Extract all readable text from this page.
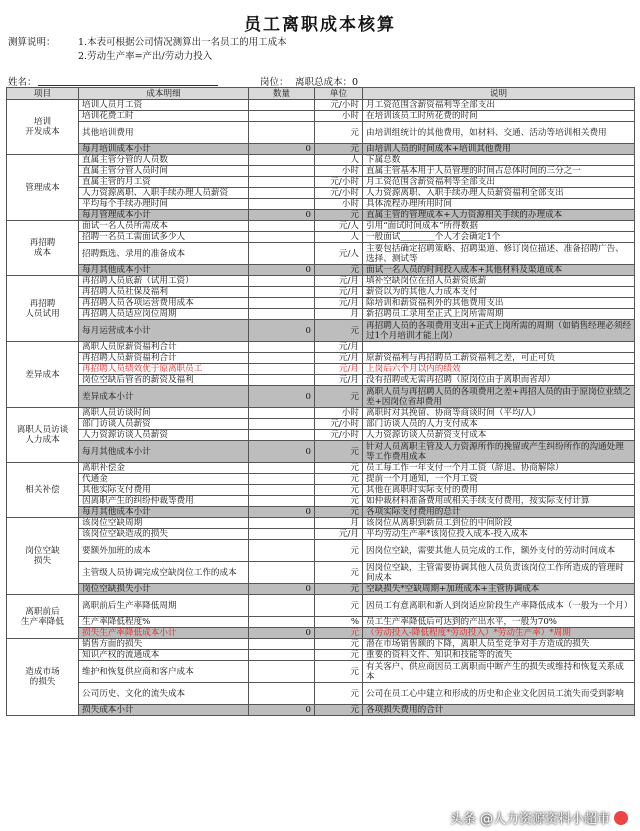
员工离职成本核算
测算说明： 1.本表可根据公司情况测算出一名员工的用工成本
2.劳动生产率=产出/劳动力投入
姓名：	岗位： 离职总成本：0
项目	成本明细	数量	单位	说明
培训
开发成本	培训人员月工资		元/小时	月工资范围含薪资福利等全部支出
	培训花费工时		小时	在培训该员工时所花费的时间
	其他培训费用		元	由培训组统计的其他费用，如材料、交通、活动等培训相关费用
	每月培训成本小计	0	元	由培训人员的时间成本+培训其他费用
管理成本	直属主管分管的人员数		人	下属总数
	直属主管分管人员时间		小时	直属主管基本用于人员管理的时间占总体时间的三分之一
	直属主管的月工资		元/小时	月工资范围含薪资福利等全部支出
	人力资源离职、入职手续办理人员薪资		元/小时	人力资源离职、入职手续办理人员薪资福利全部支出
	平均每个手续办理时间		小时	具体流程办理所用时间
	每月管理成本小计	0	元	直属主管的管理成本+人力资源相关手续的办理成本
再招聘
成本	面试一名人员所需成本		元/人	引用“面试时间成本”所得数据
	招聘一名员工需面试多少人		人	一般面试________个人才会确定1个
	招聘甄选、录用的准备成本		元/人	主要包括确定招聘策略、招聘渠道、修订岗位描述、准备招聘广告、选择、测试等
	每月其他成本小计	0	元	面试一名人员的时间投入成本+其他材料及渠道成本
再招聘
人员试用	再招聘人员底薪（试用工资）		元/月	填补空缺岗位在招人员薪资底薪
	再招聘人员社保及福利		元/月	薪资以为的其他人力成本支付
	再招聘人员各项运营费用成本		元/月	除培训和薪资福利外的其他费用支出
	再招聘人员适应岗位周期		月	新招聘员工录用至正式上岗所需周期
	每月运营成本小计	0	元	再招聘人员的各项费用支出+正式上岗所需的周期（如销售经理必须经过1个月培训才能上岗）
差异成本	离职人员原薪资福利合计		元/月	
	再招聘人员薪资福利合计		元/月	原薪资福利与再招聘员工薪资福利之差，可正可负
	再招聘人员绩效优于原离职员工		元/月	上岗后六个月以内的绩效
	岗位空缺后管省的薪资及福利		元/月	没有招聘或无需再招聘（原岗位由于离职而省却）
	差异成本小计	0	元	离职人员与再招聘人员的各项费用之差+再招人员的由于原岗位业绩之差+因岗位省却费用
离职人员访谈
人力成本	离职人员访谈时间		小时	离职时对其挽留、协商等商谈时间（平均/人）
	部门访谈人员薪资		元/小时	部门访谈人员的人力支付成本
	人力资源访谈人员薪资		元/小时	人力资源访谈人员薪资支付成本
	每月其他成本小计	0	元	针对人员离职主管及人力资源所作的挽留或产生纠纷所作的沟通处理等工作费用成本
相关补偿	离职补偿金		元	员工每工作一年支付一个月工资（辞退、协商解除）
	代通金		元	提前一个月通知，一个月工资
	其他实际支付费用		元	其他在离职时实际支付的费用
	因离职产生的纠纷仲裁等费用		元	如仲裁材料准备费用或相关手续支付费用，按实际支付计算
	每月其他成本小计	0	元	各项实际支付费用的总计
岗位空缺
损失	该岗位空缺周期		月	该岗位从离职到新员工到位的中间阶段
	该岗位空缺造成的损失		元/月	平均劳动生产率*该岗位投入成本-投入成本
	要额外加班的成本		元	因岗位空缺，需要其他人员完成的工作，额外支付的劳动时间成本
	主管级人员协调完成空缺岗位工作的成本		元	因岗位空缺，主管需要协调其他人员负责该岗位工作所造成的管理时间成本
	岗位空缺损失小计	0	元	空缺损失*空缺周期+加班成本+主管协调成本
离职前后
生产率降低	离职前后生产率降低周期		元	因员工有意离职和新人到岗适应阶段生产率降低成本（一般为一个月）
	生产率降低程度%		%	员工生产率降低后可达到的产出水平，一般为70%
	损失生产率降低成本小计	0	元	（劳动投入-降低程度*劳动投入）*劳动生产率）*周期
造成市场
的损失	销售方面的损失		元	潜在市场销售额的下降，离职人员至竞争对手方造成的损失
	知识产权的流通成本		元	重要的资料文件、知识和技能等的流失
	维护和恢复供应商和客户成本		元	有关客户、供应商因员工离职而中断产生的损失或维持和恢复关系成本
	公司历史、文化的流失成本		元	公司在员工心中建立和形成的历史和企业文化因员工流失而受到影响
	损失成本小计	0	元	各项损失费用的合计
头条 @人力资源资料小超市
